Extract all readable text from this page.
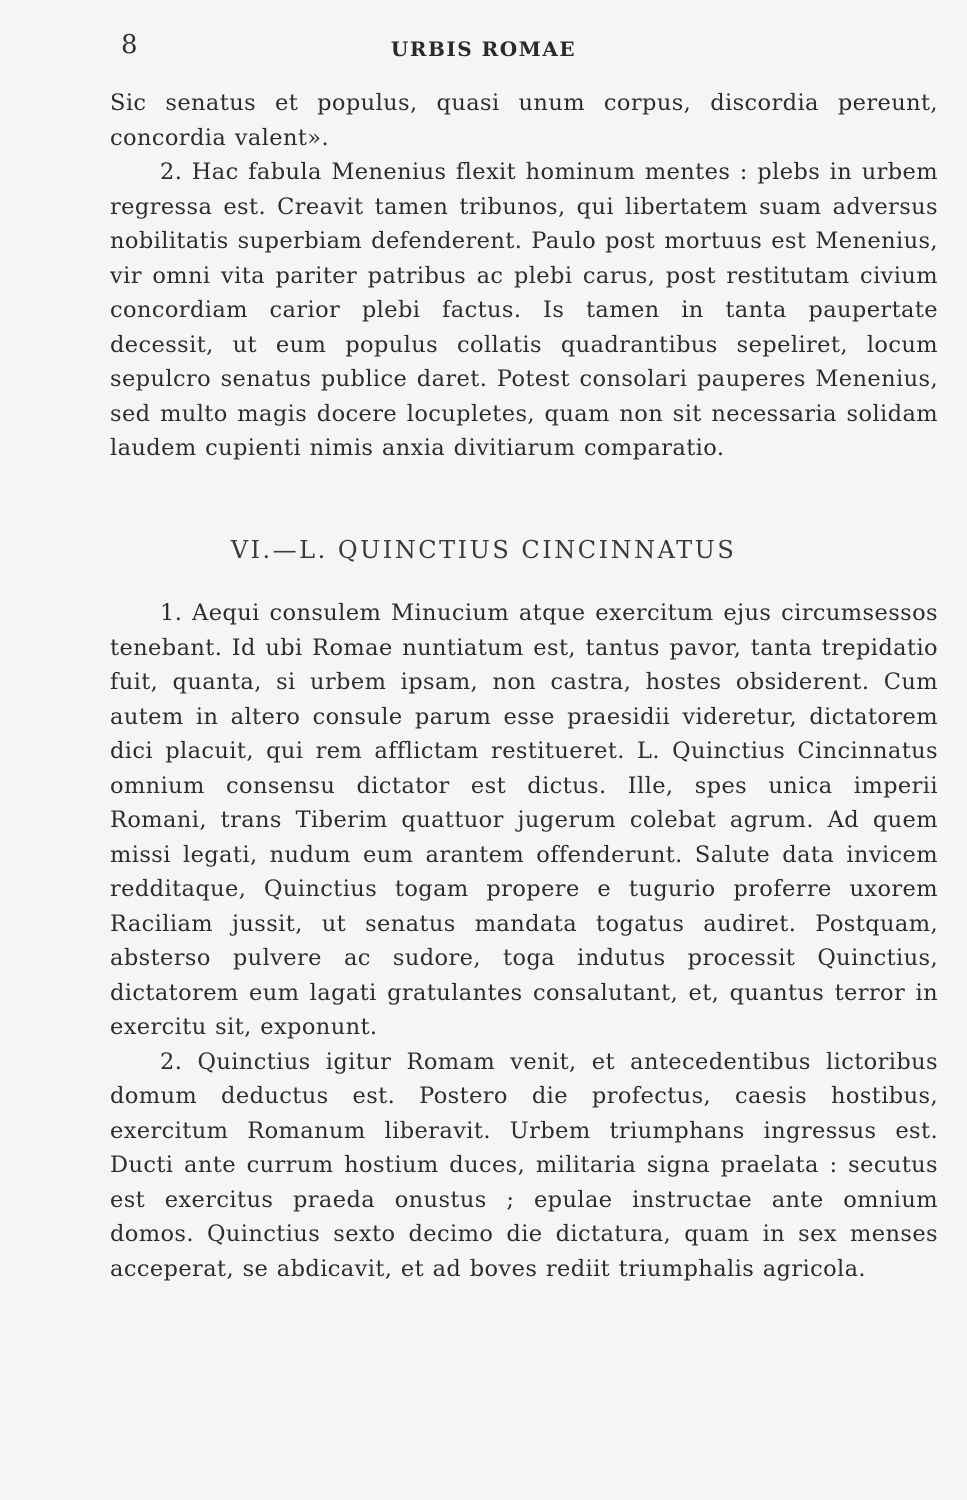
8	URBIS ROMAE

Sic senatus et populus, quasi unum corpus, discordia pereunt, concordia valent».

2. Hac fabula Menenius flexit hominum mentes : plebs in urbem regressa est. Creavit tamen tribunos, qui libertatem suam adversus nobilitatis superbiam defenderent. Paulo post mortuus est Menenius, vir omni vita pariter patribus ac plebi carus, post restitutam civium concordiam carior plebi factus. Is tamen in tanta paupertate decessit, ut eum populus collatis quadrantibus sepeliret, locum sepulcro senatus publice daret. Potest consolari pauperes Menenius, sed multo magis docere locupletes, quam non sit necessaria solidam laudem cupienti nimis anxia divitiarum comparatio.

VI.—L. QUINCTIUS CINCINNATUS

1. Aequi consulem Minucium atque exercitum ejus circumsessos tenebant. Id ubi Romae nuntiatum est, tantus pavor, tanta trepidatio fuit, quanta, si urbem ipsam, non castra, hostes obsiderent. Cum autem in altero consule parum esse praesidii videretur, dictatorem dici placuit, qui rem afflictam restitueret. L. Quinctius Cincinnatus omnium consensu dictator est dictus. Ille, spes unica imperii Romani, trans Tiberim quattuor jugerum colebat agrum. Ad quem missi legati, nudum eum arantem offenderunt. Salute data invicem redditaque, Quinctius togam propere e tugurio proferre uxorem Raciliam jussit, ut senatus mandata togatus audiret. Postquam, absterso pulvere ac sudore, toga indutus processit Quinctius, dictatorem eum lagati gratulantes consalutant, et, quantus terror in exercitu sit, exponunt.

2. Quinctius igitur Romam venit, et antecedentibus lictoribus domum deductus est. Postero die profectus, caesis hostibus, exercitum Romanum liberavit. Urbem triumphans ingressus est. Ducti ante currum hostium duces, militaria signa praelata : secutus est exercitus praeda onustus ; epulae instructae ante omnium domos. Quinctius sexto decimo die dictatura, quam in sex menses acceperat, se abdicavit, et ad boves rediit triumphalis agricola.
